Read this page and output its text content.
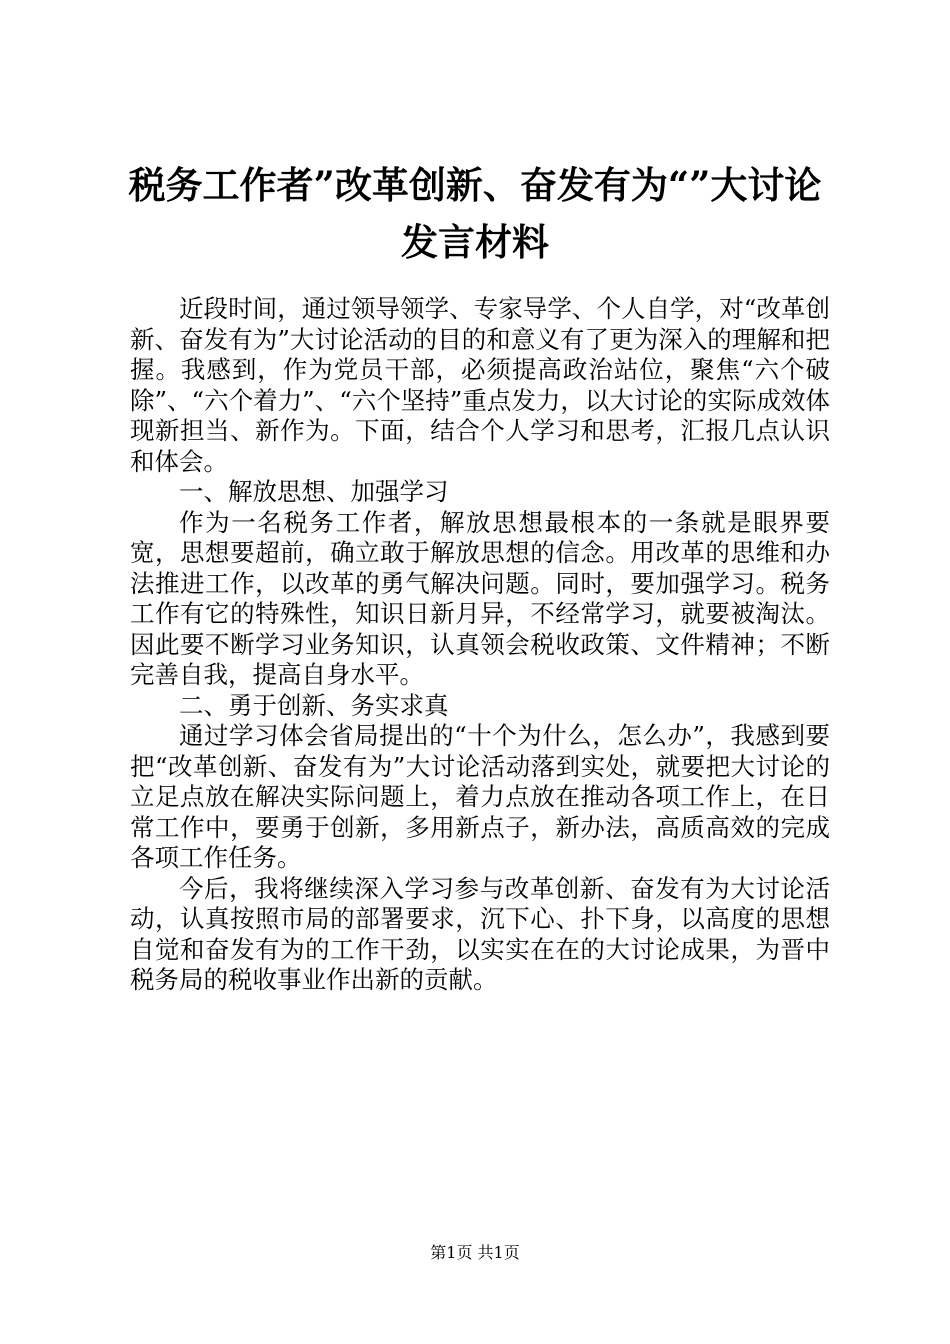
税务工作者”改革创新、奋发有为“”大讨论
发言材料

近段时间，通过领导领学、专家导学、个人自学，对“改革创新、奋发有为”大讨论活动的目的和意义有了更为深入的理解和把握。我感到，作为党员干部，必须提高政治站位，聚焦“六个破除”、“六个着力”、“六个坚持”重点发力，以大讨论的实际成效体现新担当、新作为。下面，结合个人学习和思考，汇报几点认识和体会。

一、解放思想、加强学习

作为一名税务工作者，解放思想最根本的一条就是眼界要宽，思想要超前，确立敢于解放思想的信念。用改革的思维和办法推进工作，以改革的勇气解决问题。同时，要加强学习。税务工作有它的特殊性，知识日新月异，不经常学习，就要被淘汰。因此要不断学习业务知识，认真领会税收政策、文件精神；不断完善自我，提高自身水平。

二、勇于创新、务实求真

通过学习体会省局提出的“十个为什么，怎么办”，我感到要把“改革创新、奋发有为”大讨论活动落到实处，就要把大讨论的立足点放在解决实际问题上，着力点放在推动各项工作上，在日常工作中，要勇于创新，多用新点子，新办法，高质高效的完成各项工作任务。

今后，我将继续深入学习参与改革创新、奋发有为大讨论活动，认真按照市局的部署要求，沉下心、扑下身，以高度的思想自觉和奋发有为的工作干劲，以实实在在的大讨论成果，为晋中税务局的税收事业作出新的贡献。

第1页 共1页
